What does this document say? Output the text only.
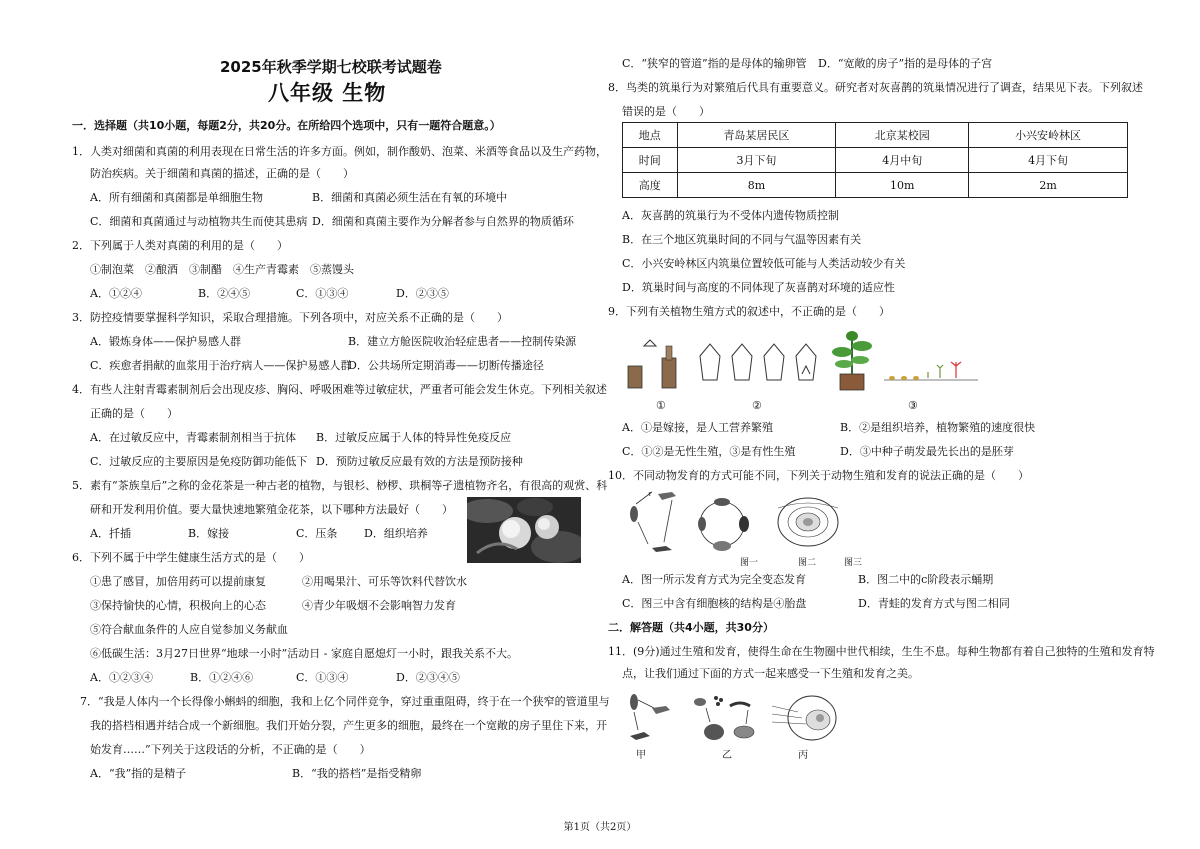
2025年秋季学期七校联考试题卷
八年级 生物
一．选择题（共10小题，每题2分，共20分。在所给四个选项中，只有一题符合题意。）
1．人类对细菌和真菌的利用表现在日常生活的许多方面。例如，制作酸奶、泡菜、米酒等食品以及生产药物，
防治疾病。关于细菌和真菌的描述，正确的是（　　）
A．所有细菌和真菌都是单细胞生物	B．细菌和真菌必须生活在有氧的环境中
C．细菌和真菌通过与动植物共生而使其患病 D．细菌和真菌主要作为分解者参与自然界的物质循环
2．下列属于人类对真菌的利用的是（　　）
①制泡菜　②酿酒　③制醋　④生产青霉素　⑤蒸馒头
A．①②④	B．②④⑤	C．①③④	D．②③⑤
3．防控疫情要掌握科学知识，采取合理措施。下列各项中，对应关系不正确的是（　　）
A．锻炼身体——保护易感人群	B．建立方舱医院收治轻症患者——控制传染源
C．疾愈者捐献的血浆用于治疗病人——保护易感人群
D．公共场所定期消毒——切断传播途径
4．有些人注射青霉素制剂后会出现皮疹、胸闷、呼吸困难等过敏症状，严重者可能会发生休克。下列相关叙述
正确的是（　　）
A．在过敏反应中，青霉素制剂相当于抗体 B．过敏反应属于人体的特异性免疫反应
C．过敏反应的主要原因是免疫防御功能低下 D．预防过敏反应最有效的方法是预防接种
5．素有“茶族皇后”之称的金花茶是一种古老的植物，与银杉、桫椤、珙桐等孑遗植物齐名，有很高的观赏、科
研和开发利用价值。要大量快速地繁殖金花茶，以下哪种方法最好（　　）
A．扦插	B．嫁接	C．压条 D．组织培养
6．下列不属于中学生健康生活方式的是（　　）
①患了感冒，加倍用药可以提前康复	②用喝果汁、可乐等饮料代替饮水
③保持愉快的心情，积极向上的心态	④青少年吸烟不会影响智力发育
⑤符合献血条件的人应自觉参加义务献血
⑥低碳生活：3月27日世界“地球一小时”活动日 - 家庭自愿熄灯一小时，跟我关系不大。
A．①②③④	B．①②④⑥	C．①③④	D．②③④⑤
7．“我是人体内一个长得像小蝌蚪的细胞，我和上亿个同伴竞争，穿过重重阻碍，终于在一个狭窄的管道里与
我的搭档相遇并结合成一个新细胞。我们开始分裂，产生更多的细胞，最终在一个宽敞的房子里住下来，开
始发育……”下列关于这段话的分析，不正确的是（　　）
A．“我”指的是精子	B．“我的搭档”是指受精卵
C．“狭窄的管道”指的是母体的输卵管 D．“宽敞的房子”指的是母体的子宫
8．鸟类的筑巢行为对繁殖后代具有重要意义。研究者对灰喜鹊的筑巢情况进行了调查，结果见下表。下列叙述
错误的是（　　）
地点	青岛某居民区	北京某校园	小兴安岭林区
时间	3月下旬	4月中旬	4月下旬
高度	8m	10m	2m
A．灰喜鹊的筑巢行为不受体内遗传物质控制
B．在三个地区筑巢时间的不同与气温等因素有关
C．小兴安岭林区内筑巢位置较低可能与人类活动较少有关
D．筑巢时间与高度的不同体现了灰喜鹊对环境的适应性
9．下列有关植物生殖方式的叙述中，不正确的是（　　）
①	②	③
A．①是嫁接，是人工营养繁殖	B．②是组织培养，植物繁殖的速度很快
C．①②是无性生殖，③是有性生殖	D．③中种子萌发最先长出的是胚芽
10．不同动物发育的方式可能不同，下列关于动物生殖和发育的说法正确的是（　　）
图一	图二	图三
A．图一所示发育方式为完全变态发育	B．图二中的c阶段表示蛹期
C．图三中含有细胞核的结构是④胎盘	D．青蛙的发育方式与图二相同
二．解答题（共4小题，共30分）
11．(9分)通过生殖和发育，使得生命在生物圈中世代相续，生生不息。每种生物都有着自己独特的生殖和发育特
点，让我们通过下面的方式一起来感受一下生殖和发育之美。
甲	乙	丙
第1页（共2页）
